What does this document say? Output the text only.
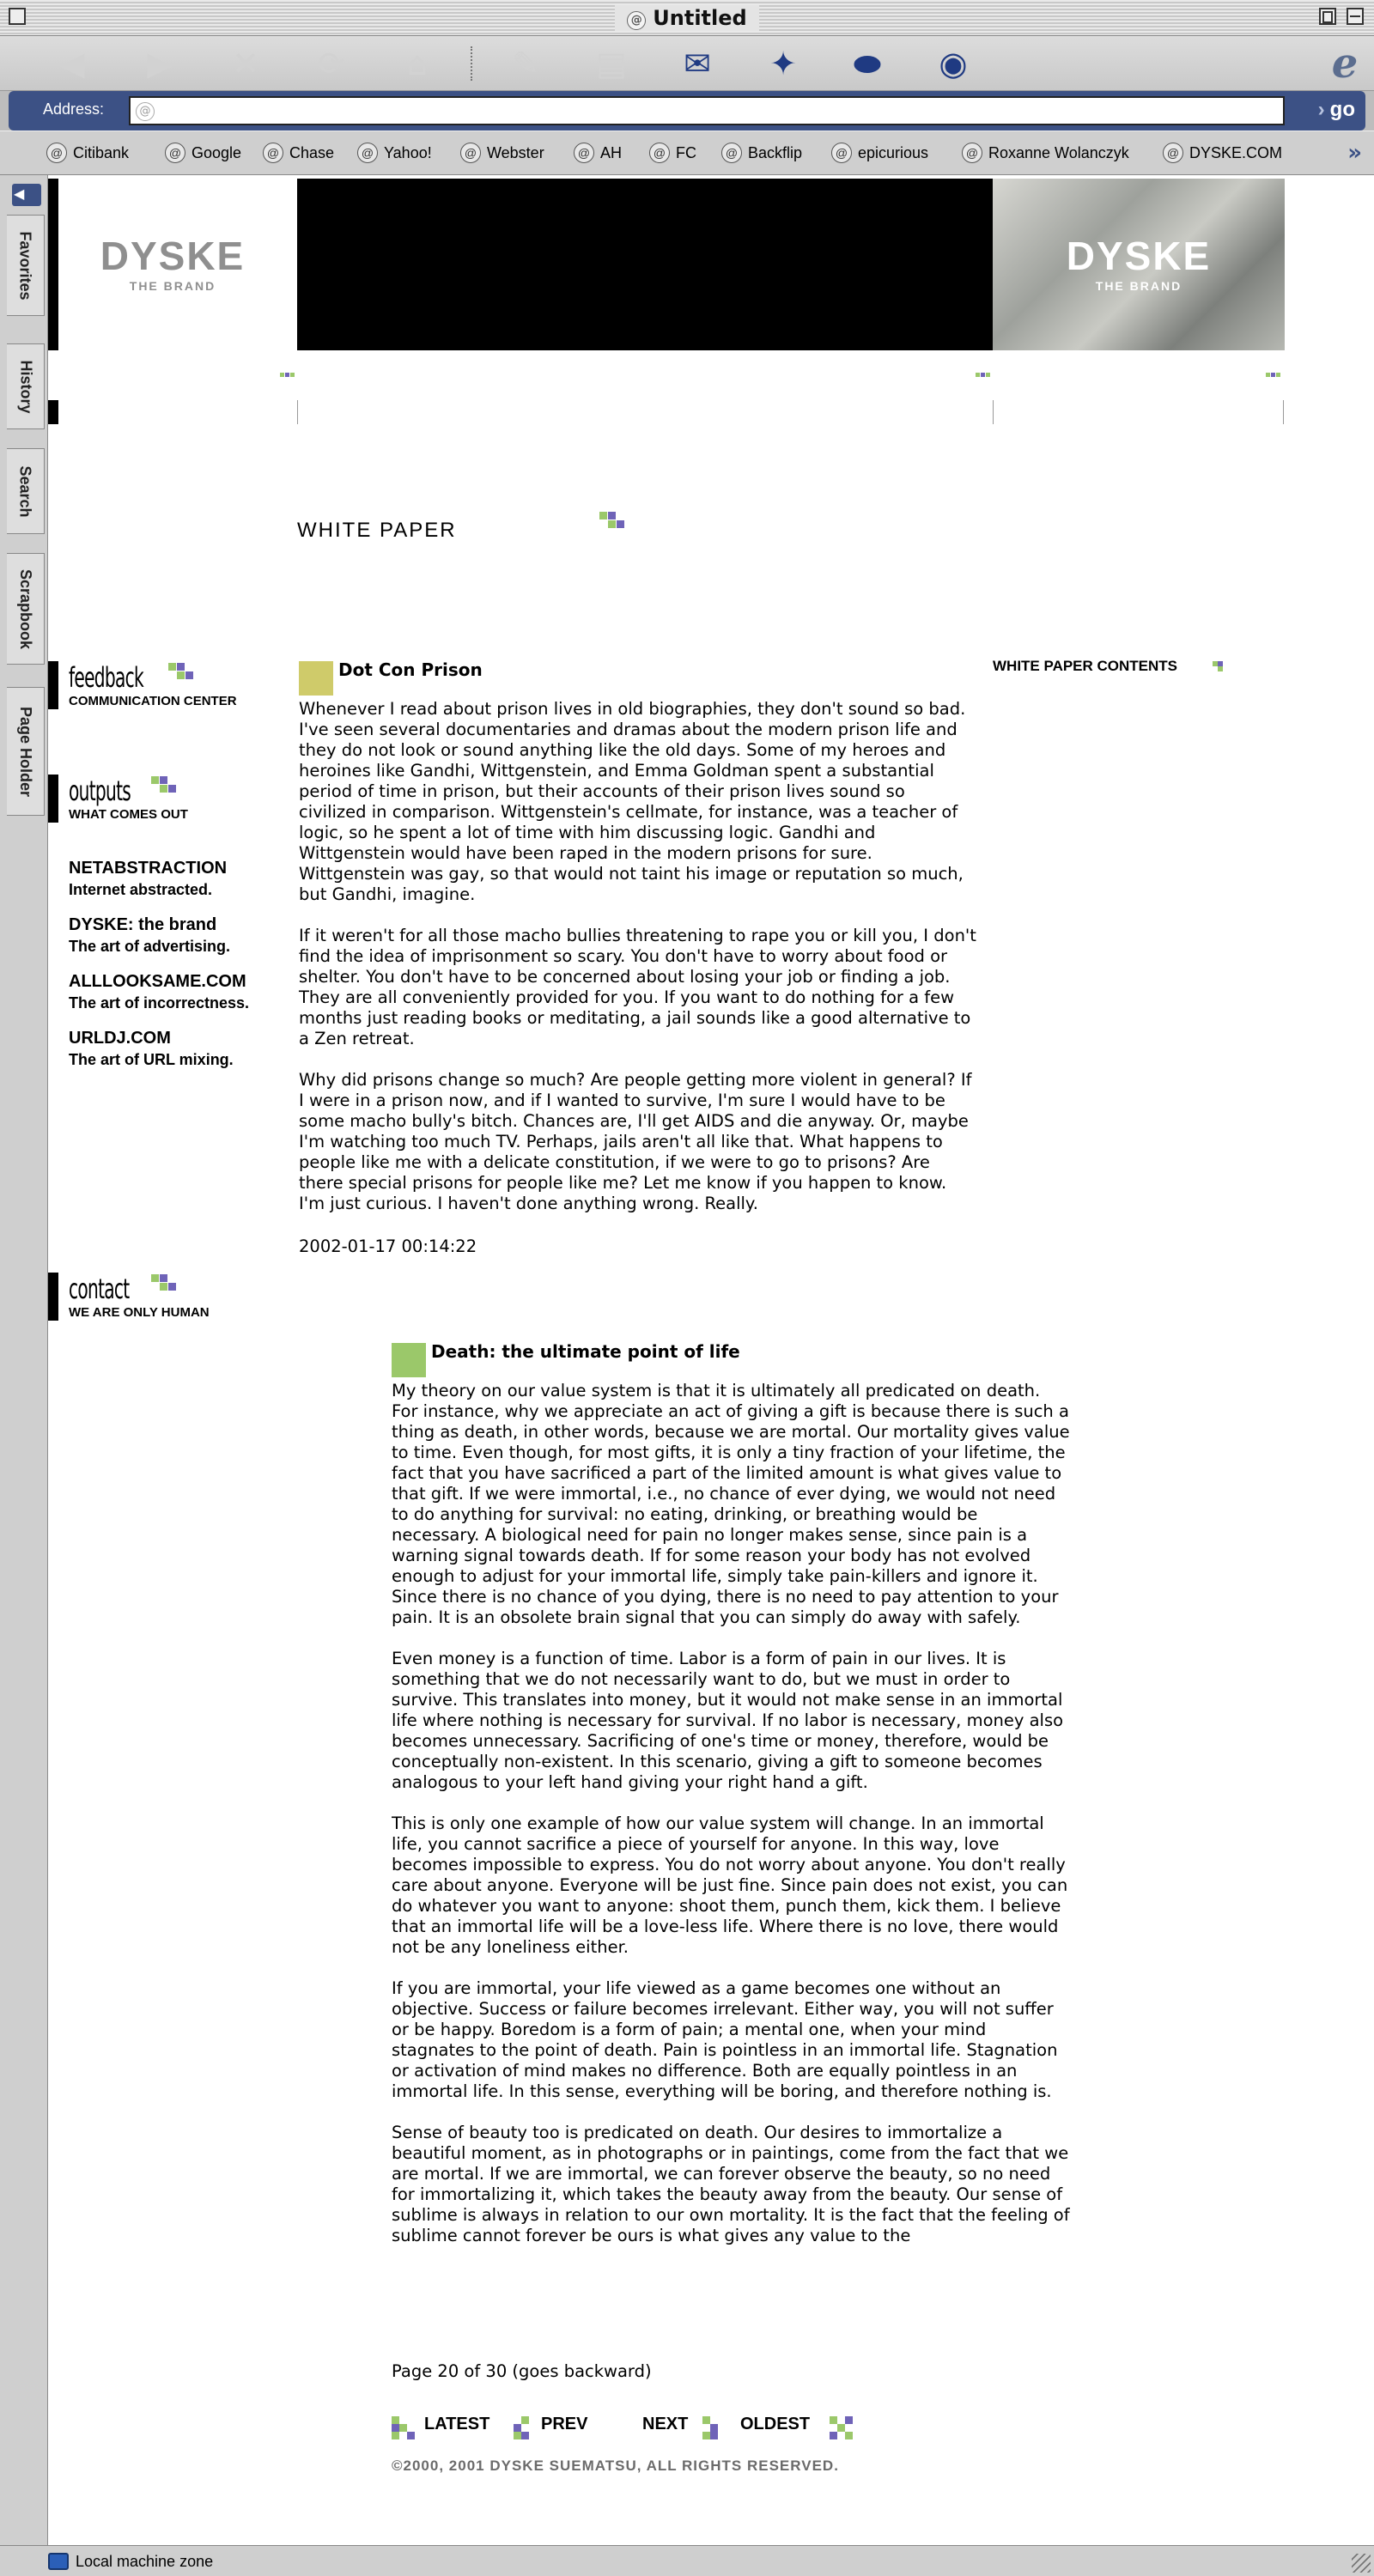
@ Untitled
◀ ▶ ✕ ⟳ ⌂	✎ ▤ ✉ ✦ ⬬ ◉	e
Address:	@
›	go
@ Citibank	@ Google	@ Chase	@ Yahoo!	@ Webster	@ AH	@ FC	@ Backflip	@ epicurious	@ Roxanne Wolanczyk	@ DYSKE.COM	»
◀
Favorites
History
Search
Scrapbook
Page Holder
DYSKE
THE BRAND
DYSKE
THE BRAND
WHITE PAPER
feedback
COMMUNICATION CENTER
outputs
WHAT COMES OUT
NETABSTRACTION
Internet abstracted.
DYSKE: the brand
The art of advertising.
ALLLOOKSAME.COM
The art of incorrectness.
URLDJ.COM
The art of URL mixing.
contact
WE ARE ONLY HUMAN
WHITE PAPER CONTENTS
Dot Con Prison

Whenever I read about prison lives in old biographies, they don't sound so bad. I've seen several documentaries and dramas about the modern prison life and they do not look or sound anything like the old days. Some of my heroes and heroines like Gandhi, Wittgenstein, and Emma Goldman spent a substantial period of time in prison, but their accounts of their prison lives sound so civilized in comparison. Wittgenstein's cellmate, for instance, was a teacher of logic, so he spent a lot of time with him discussing logic. Gandhi and Wittgenstein would have been raped in the modern prisons for sure. Wittgenstein was gay, so that would not taint his image or reputation so much, but Gandhi, imagine.

If it weren't for all those macho bullies threatening to rape you or kill you, I don't find the idea of imprisonment so scary. You don't have to worry about food or shelter. You don't have to be concerned about losing your job or finding a job. They are all conveniently provided for you. If you want to do nothing for a few months just reading books or meditating, a jail sounds like a good alternative to a Zen retreat.

Why did prisons change so much? Are people getting more violent in general? If I were in a prison now, and if I wanted to survive, I'm sure I would have to be some macho bully's bitch. Chances are, I'll get AIDS and die anyway. Or, maybe I'm watching too much TV. Perhaps, jails aren't all like that. What happens to people like me with a delicate constitution, if we were to go to prisons? Are there special prisons for people like me? Let me know if you happen to know. I'm just curious. I haven't done anything wrong. Really.

2002-01-17 00:14:22
Death: the ultimate point of life

My theory on our value system is that it is ultimately all predicated on death. For instance, why we appreciate an act of giving a gift is because there is such a thing as death, in other words, because we are mortal. Our mortality gives value to time. Even though, for most gifts, it is only a tiny fraction of your lifetime, the fact that you have sacrificed a part of the limited amount is what gives value to that gift. If we were immortal, i.e., no chance of ever dying, we would not need to do anything for survival: no eating, drinking, or breathing would be necessary. A biological need for pain no longer makes sense, since pain is a warning signal towards death. If for some reason your body has not evolved enough to adjust for your immortal life, simply take pain-killers and ignore it. Since there is no chance of you dying, there is no need to pay attention to your pain. It is an obsolete brain signal that you can simply do away with safely.

Even money is a function of time. Labor is a form of pain in our lives. It is something that we do not necessarily want to do, but we must in order to survive. This translates into money, but it would not make sense in an immortal life where nothing is necessary for survival. If no labor is necessary, money also becomes unnecessary. Sacrificing of one's time or money, therefore, would be conceptually non-existent. In this scenario, giving a gift to someone becomes analogous to your left hand giving your right hand a gift.

This is only one example of how our value system will change. In an immortal life, you cannot sacrifice a piece of yourself for anyone. In this way, love becomes impossible to express. You do not worry about anyone. You don't really care about anyone. Everyone will be just fine. Since pain does not exist, you can do whatever you want to anyone: shoot them, punch them, kick them. I believe that an immortal life will be a love-less life. Where there is no love, there would not be any loneliness either.

If you are immortal, your life viewed as a game becomes one without an objective. Success or failure becomes irrelevant. Either way, you will not suffer or be happy. Boredom is a form of pain; a mental one, when your mind stagnates to the point of death. Pain is pointless in an immortal life. Stagnation or activation of mind makes no difference. Both are equally pointless in an immortal life. In this sense, everything will be boring, and therefore nothing is.

Sense of beauty too is predicated on death. Our desires to immortalize a beautiful moment, as in photographs or in paintings, come from the fact that we are mortal. If we are immortal, we can forever observe the beauty, so no need for immortalizing it, which takes the beauty away from the beauty. Our sense of sublime is always in relation to our own mortality. It is the fact that the feeling of sublime cannot forever be ours is what gives any value to the

Page 20 of 30 (goes backward)
LATEST	PREV	NEXT	OLDEST
©2000, 2001 DYSKE SUEMATSU, ALL RIGHTS RESERVED.
Local machine zone
